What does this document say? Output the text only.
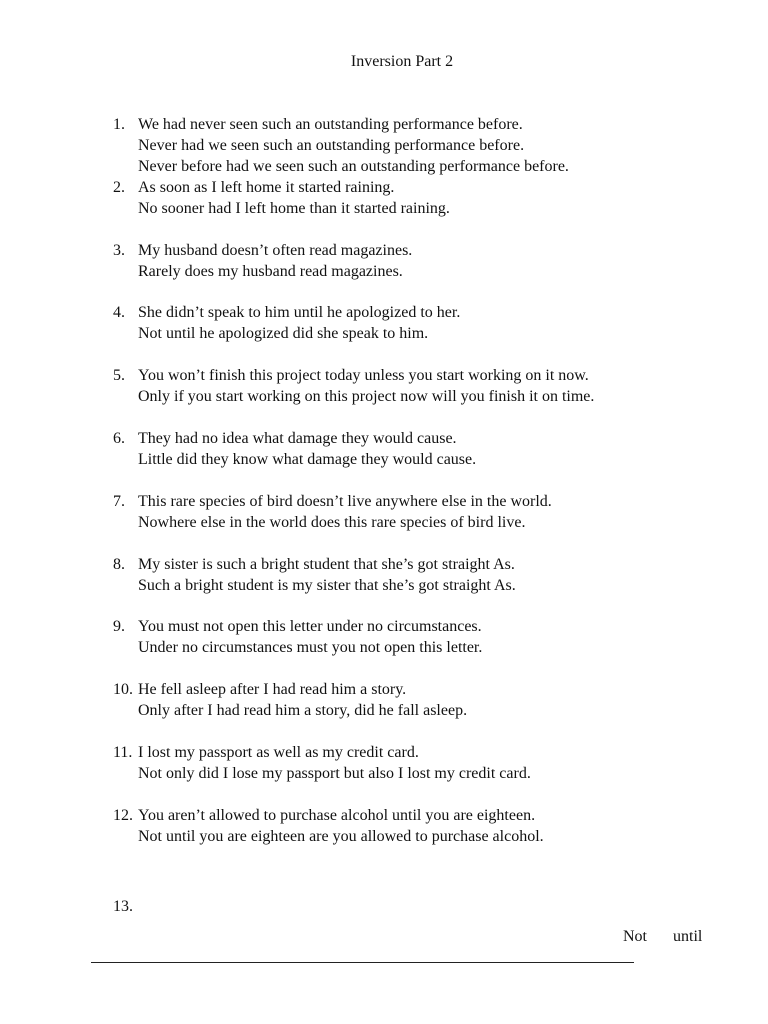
Inversion Part 2
1. We had never seen such an outstanding performance before.
Never had we seen such an outstanding performance before.
Never before had we seen such an outstanding performance before.
2. As soon as I left home it started raining.
No sooner had I left home than it started raining.
3. My husband doesn’t often read magazines.
Rarely does my husband read magazines.
4. She didn’t speak to him until he apologized to her.
Not until he apologized did she speak to him.
5. You won’t finish this project today unless you start working on it now.
Only if you start working on this project now will you finish it on time.
6. They had no idea what damage they would cause.
Little did they know what damage they would cause.
7. This rare species of bird doesn’t live anywhere else in the world.
Nowhere else in the world does this rare species of bird live.
8. My sister is such a bright student that she’s got straight As.
Such a bright student is my sister that she’s got straight As.
9. You must not open this letter under no circumstances.
Under no circumstances must you not open this letter.
10. He fell asleep after I had read him a story.
Only after I had read him a story, did he fall asleep.
11. I lost my passport as well as my credit card.
Not only did I lose my passport but also I lost my credit card.
12. You aren’t allowed to purchase alcohol until you are eighteen.
Not until you are eighteen are you allowed to purchase alcohol.
13.
Not until
